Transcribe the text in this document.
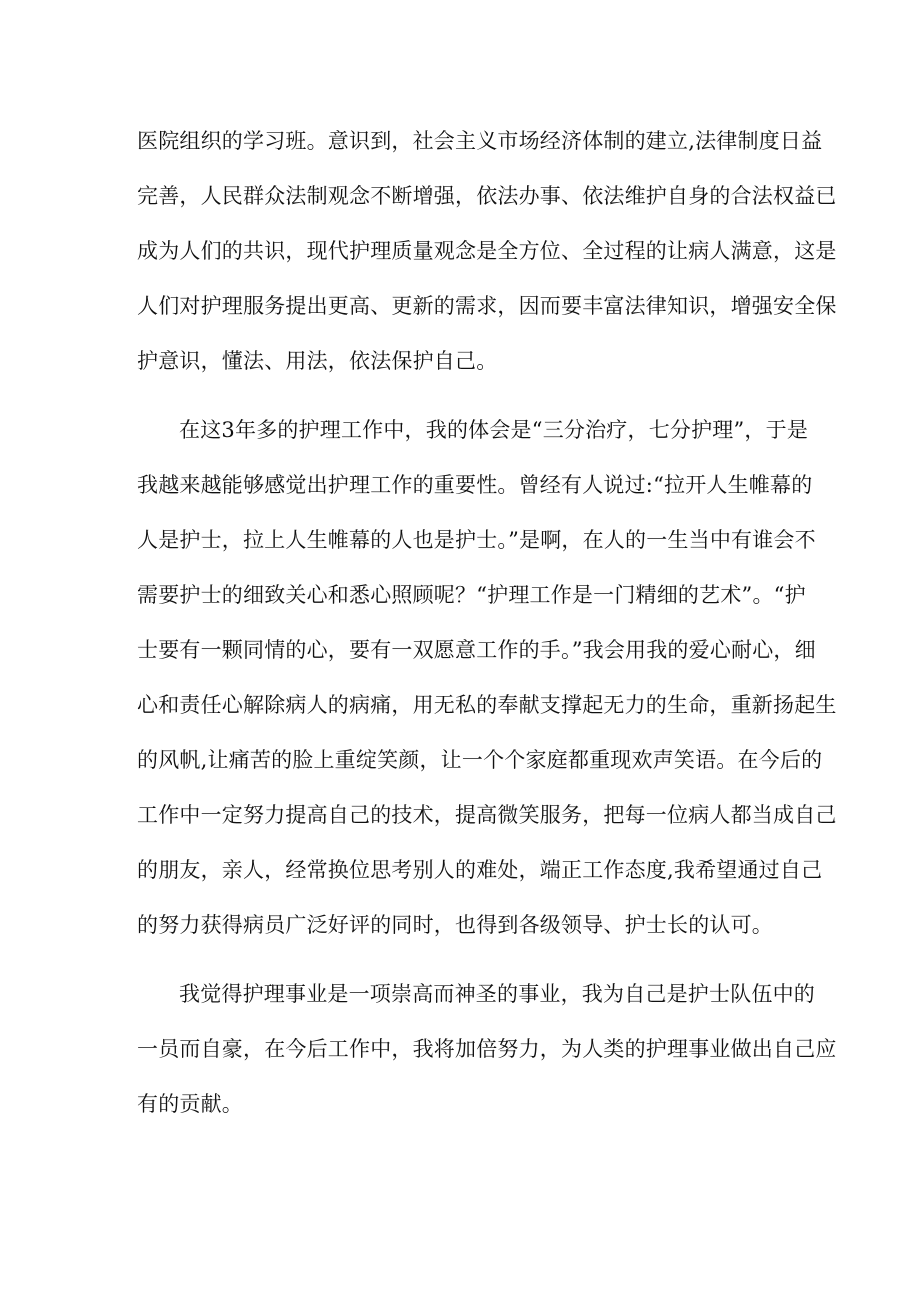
医院组织的学习班。意识到，社会主义市场经济体制的建立,法律制度日益
完善，人民群众法制观念不断增强，依法办事、依法维护自身的合法权益已
成为人们的共识，现代护理质量观念是全方位、全过程的让病人满意，这是
人们对护理服务提出更高、更新的需求，因而要丰富法律知识，增强安全保
护意识，懂法、用法，依法保护自己。
在这3年多的护理工作中，我的体会是“三分治疗，七分护理”，于是
我越来越能够感觉出护理工作的重要性。曾经有人说过:“拉开人生帷幕的
人是护士，拉上人生帷幕的人也是护士。”是啊，在人的一生当中有谁会不
需要护士的细致关心和悉心照顾呢？“护理工作是一门精细的艺术”。“护
士要有一颗同情的心，要有一双愿意工作的手。”我会用我的爱心耐心，细
心和责任心解除病人的病痛，用无私的奉献支撑起无力的生命，重新扬起生
的风帆,让痛苦的脸上重绽笑颜，让一个个家庭都重现欢声笑语。在今后的
工作中一定努力提高自己的技术，提高微笑服务，把每一位病人都当成自己
的朋友，亲人，经常换位思考别人的难处，端正工作态度,我希望通过自己
的努力获得病员广泛好评的同时，也得到各级领导、护士长的认可。
我觉得护理事业是一项崇高而神圣的事业，我为自己是护士队伍中的
一员而自豪，在今后工作中，我将加倍努力，为人类的护理事业做出自己应
有的贡献。
